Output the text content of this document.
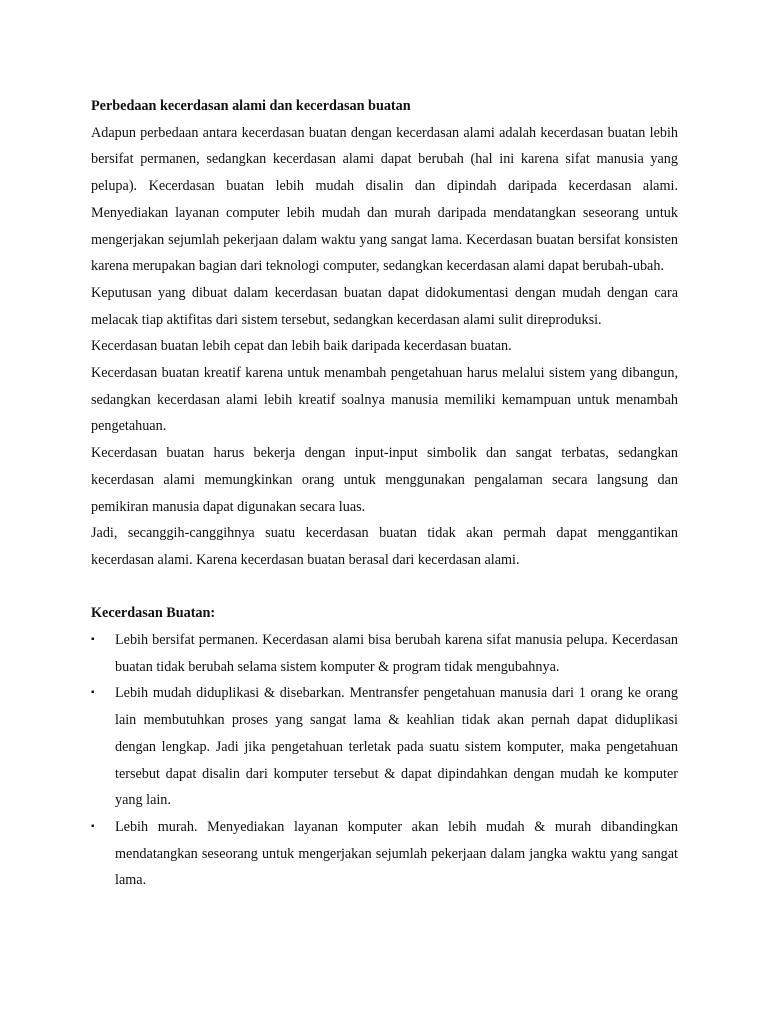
Perbedaan kecerdasan alami dan kecerdasan buatan

Adapun perbedaan antara kecerdasan buatan dengan kecerdasan alami adalah kecerdasan buatan lebih bersifat permanen, sedangkan kecerdasan alami dapat berubah (hal ini karena sifat manusia yang pelupa). Kecerdasan buatan lebih mudah disalin dan dipindah daripada kecerdasan alami. Menyediakan layanan computer lebih mudah dan murah daripada mendatangkan seseorang untuk mengerjakan sejumlah pekerjaan dalam waktu yang sangat lama. Kecerdasan buatan bersifat konsisten karena merupakan bagian dari teknologi computer, sedangkan kecerdasan alami dapat berubah-ubah.

Keputusan yang dibuat dalam kecerdasan buatan dapat didokumentasi dengan mudah dengan cara melacak tiap aktifitas dari sistem tersebut, sedangkan kecerdasan alami sulit direproduksi.

Kecerdasan buatan lebih cepat dan lebih baik daripada kecerdasan buatan.

Kecerdasan buatan kreatif karena untuk menambah pengetahuan harus melalui sistem yang dibangun, sedangkan kecerdasan alami lebih kreatif soalnya manusia memiliki kemampuan untuk menambah pengetahuan.

Kecerdasan buatan harus bekerja dengan input-input simbolik dan sangat terbatas, sedangkan kecerdasan alami memungkinkan orang untuk menggunakan pengalaman secara langsung dan pemikiran manusia dapat digunakan secara luas.

Jadi, secanggih-canggihnya suatu kecerdasan buatan tidak akan permah dapat menggantikan kecerdasan alami. Karena kecerdasan buatan berasal dari kecerdasan alami.

Kecerdasan Buatan:

▪ Lebih bersifat permanen. Kecerdasan alami bisa berubah karena sifat manusia pelupa. Kecerdasan buatan tidak berubah selama sistem komputer & program tidak mengubahnya.
▪ Lebih mudah diduplikasi & disebarkan. Mentransfer pengetahuan manusia dari 1 orang ke orang lain membutuhkan proses yang sangat lama & keahlian tidak akan pernah dapat diduplikasi dengan lengkap. Jadi jika pengetahuan terletak pada suatu sistem komputer, maka pengetahuan tersebut dapat disalin dari komputer tersebut & dapat dipindahkan dengan mudah ke komputer yang lain.
▪ Lebih murah. Menyediakan layanan komputer akan lebih mudah & murah dibandingkan mendatangkan seseorang untuk mengerjakan sejumlah pekerjaan dalam jangka waktu yang sangat lama.
